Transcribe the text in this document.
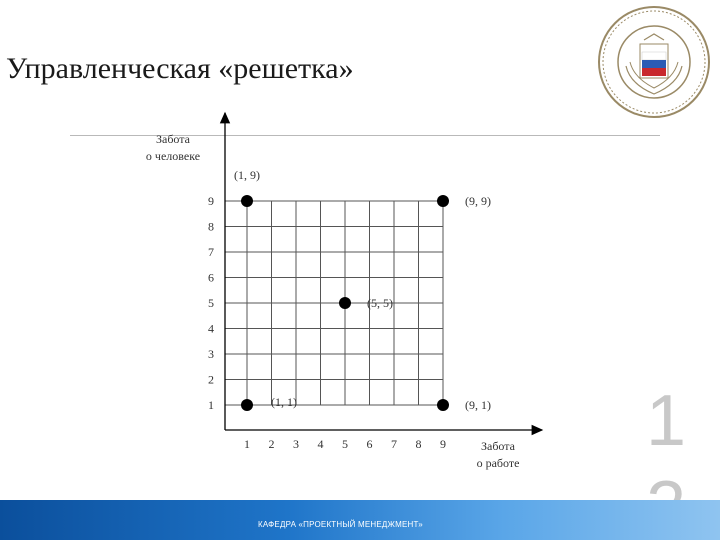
Управленческая «решетка»
1 2 3 4 5 6 7 8 9
1
2
3
4
5
6
7
8
9
(1, 9)
(9, 9)
(5, 5)
(1, 1)	(9, 1)
Забота
о человеке
Забота
о работе
1
КАФЕДРА «ПРОЕКТНЫЙ МЕНЕДЖМЕНТ»
